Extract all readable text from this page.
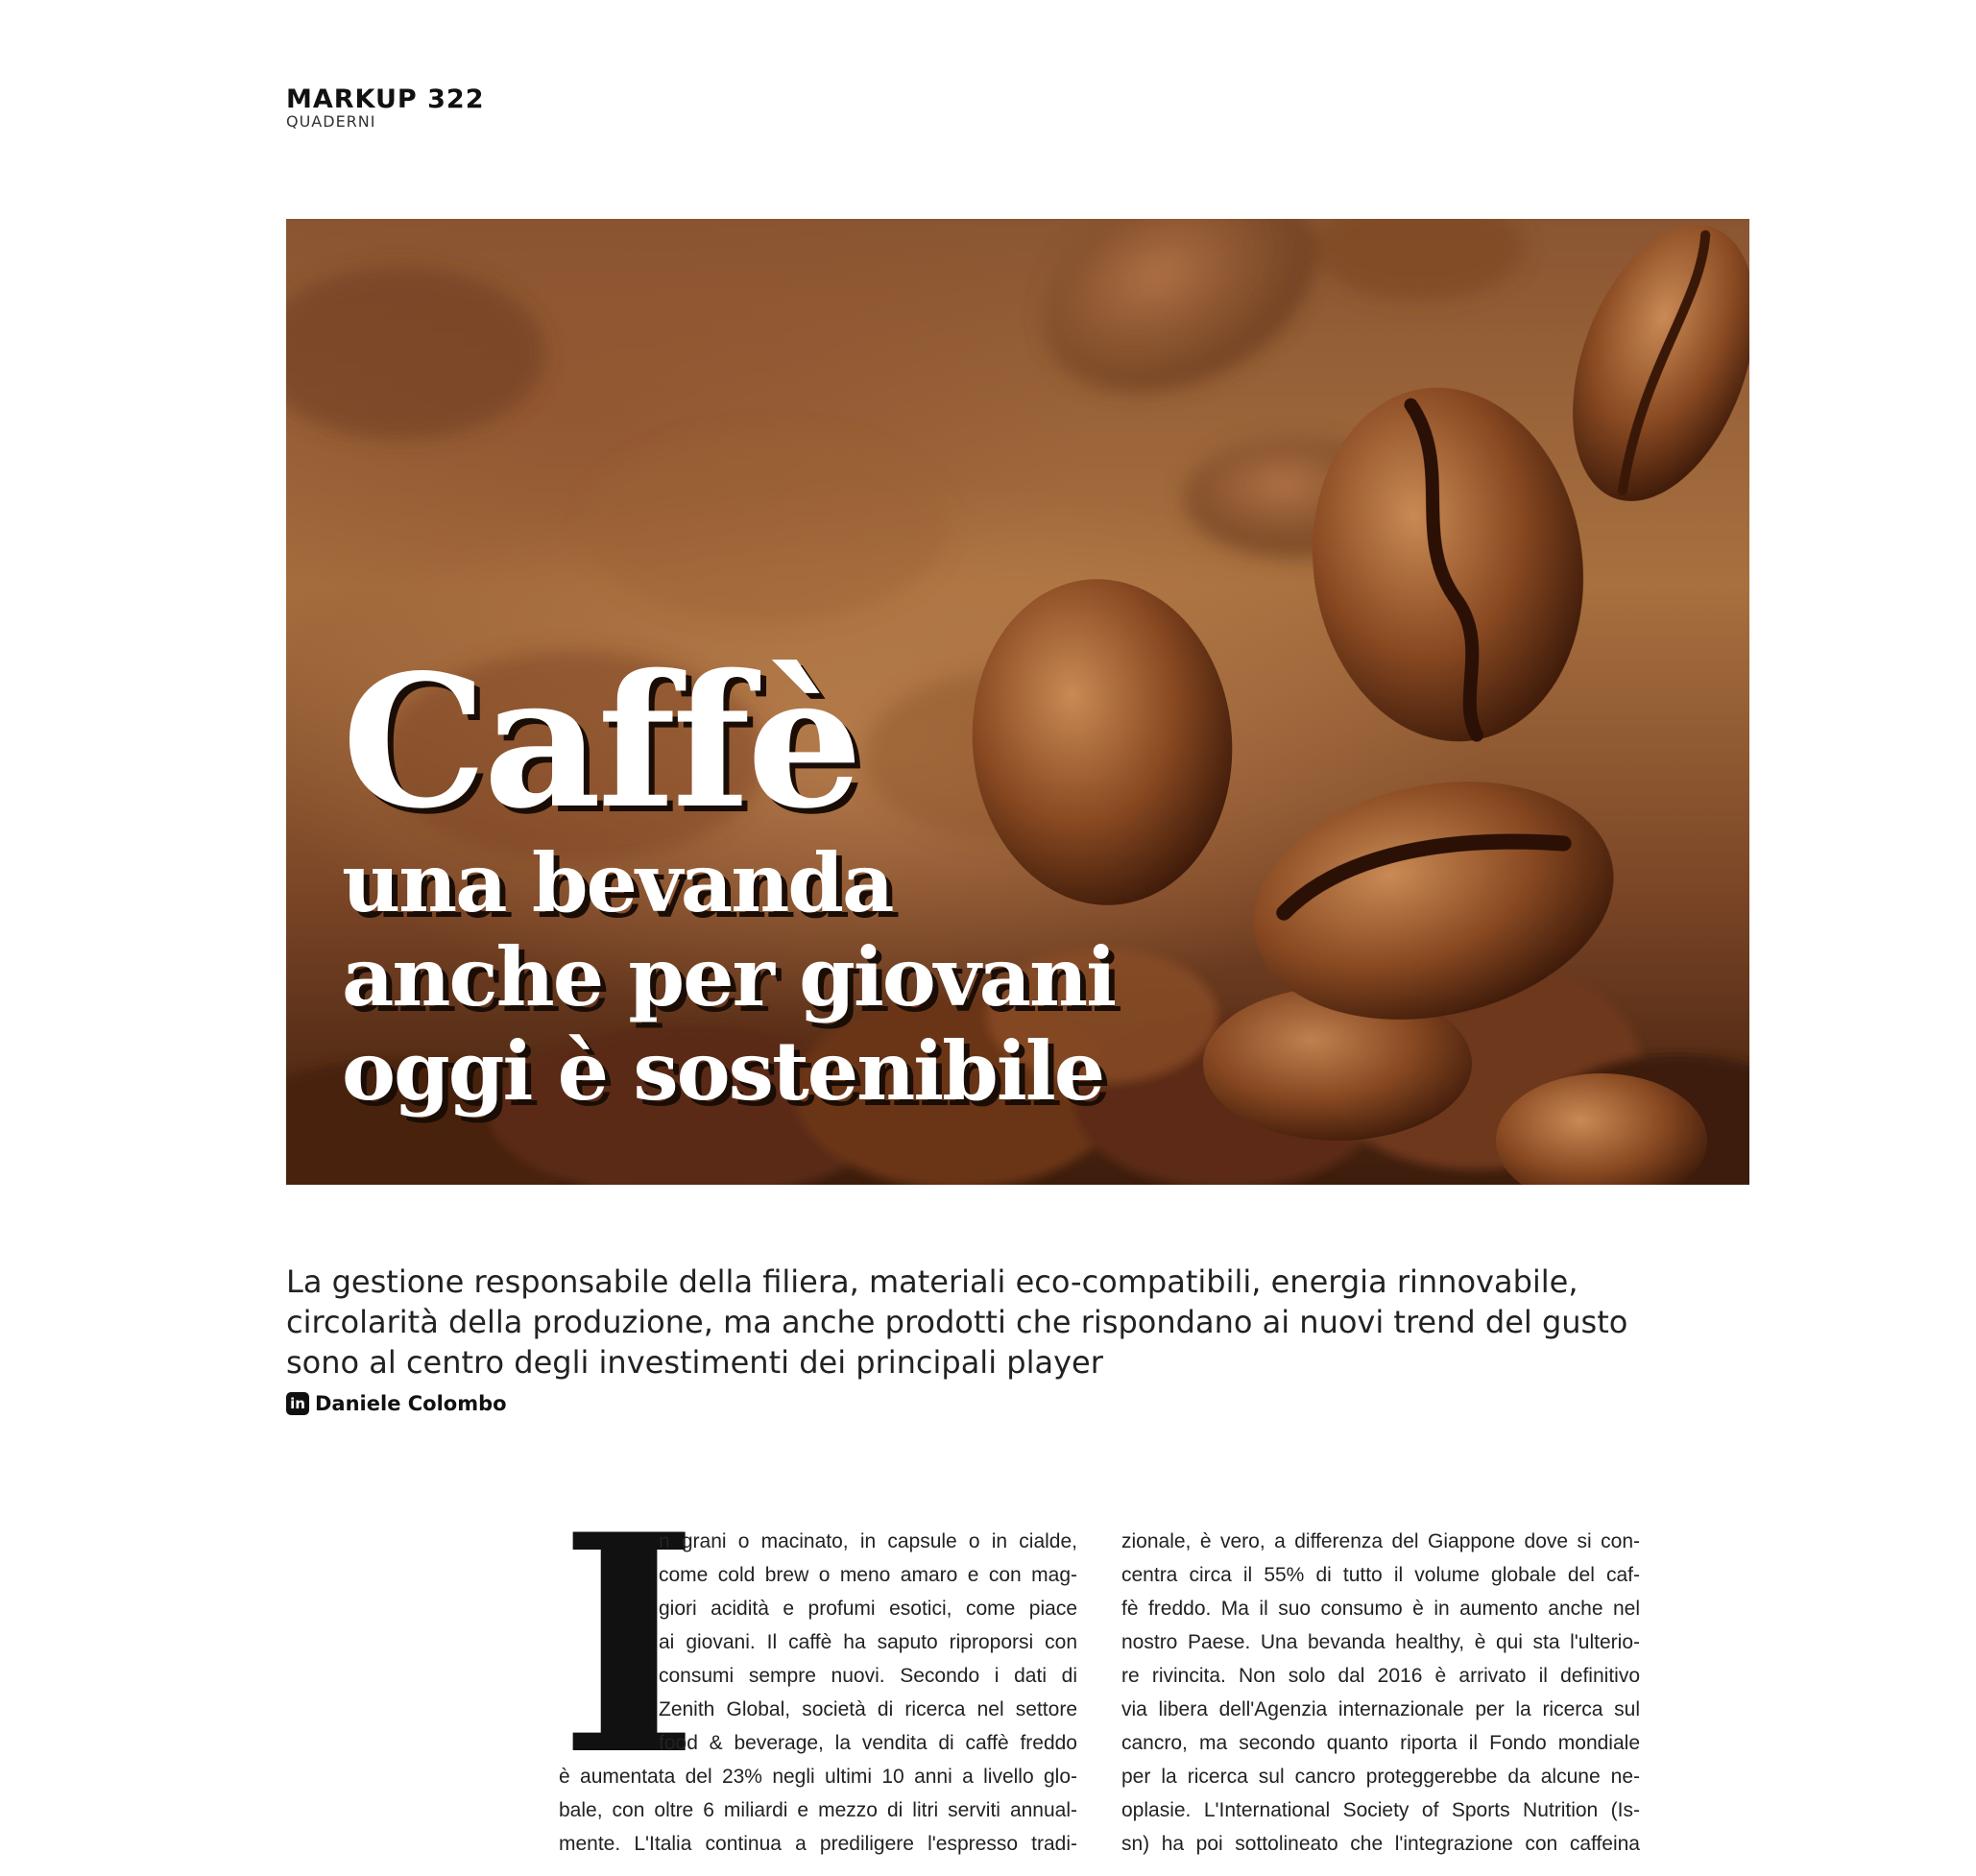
MARKUP 322
QUADERNI
Caffè
una bevanda
anche per giovani
oggi è sostenibile
La gestione responsabile della filiera, materiali eco-compatibili, energia rinnovabile, circolarità della produzione, ma anche prodotti che rispondano ai nuovi trend del gusto sono al centro degli investimenti dei principali player
in Daniele Colombo
I
n grani o macinato, in capsule o in cialde,
come cold brew o meno amaro e con mag-
giori acidità e profumi esotici, come piace
ai giovani. Il caffè ha saputo riproporsi con
consumi sempre nuovi. Secondo i dati di
Zenith Global, società di ricerca nel settore
food & beverage, la vendita di caffè freddo
è aumentata del 23% negli ultimi 10 anni a livello glo-
bale, con oltre 6 miliardi e mezzo di litri serviti annual-
mente. L'Italia continua a prediligere l'espresso tradi-
zionale, è vero, a differenza del Giappone dove si con-
centra circa il 55% di tutto il volume globale del caf-
fè freddo. Ma il suo consumo è in aumento anche nel
nostro Paese. Una bevanda healthy, è qui sta l'ulterio-
re rivincita. Non solo dal 2016 è arrivato il definitivo
via libera dell'Agenzia internazionale per la ricerca sul
cancro, ma secondo quanto riporta il Fondo mondiale
per la ricerca sul cancro proteggerebbe da alcune ne-
oplasie. L'International Society of Sports Nutrition (Is-
sn) ha poi sottolineato che l'integrazione con caffeina
